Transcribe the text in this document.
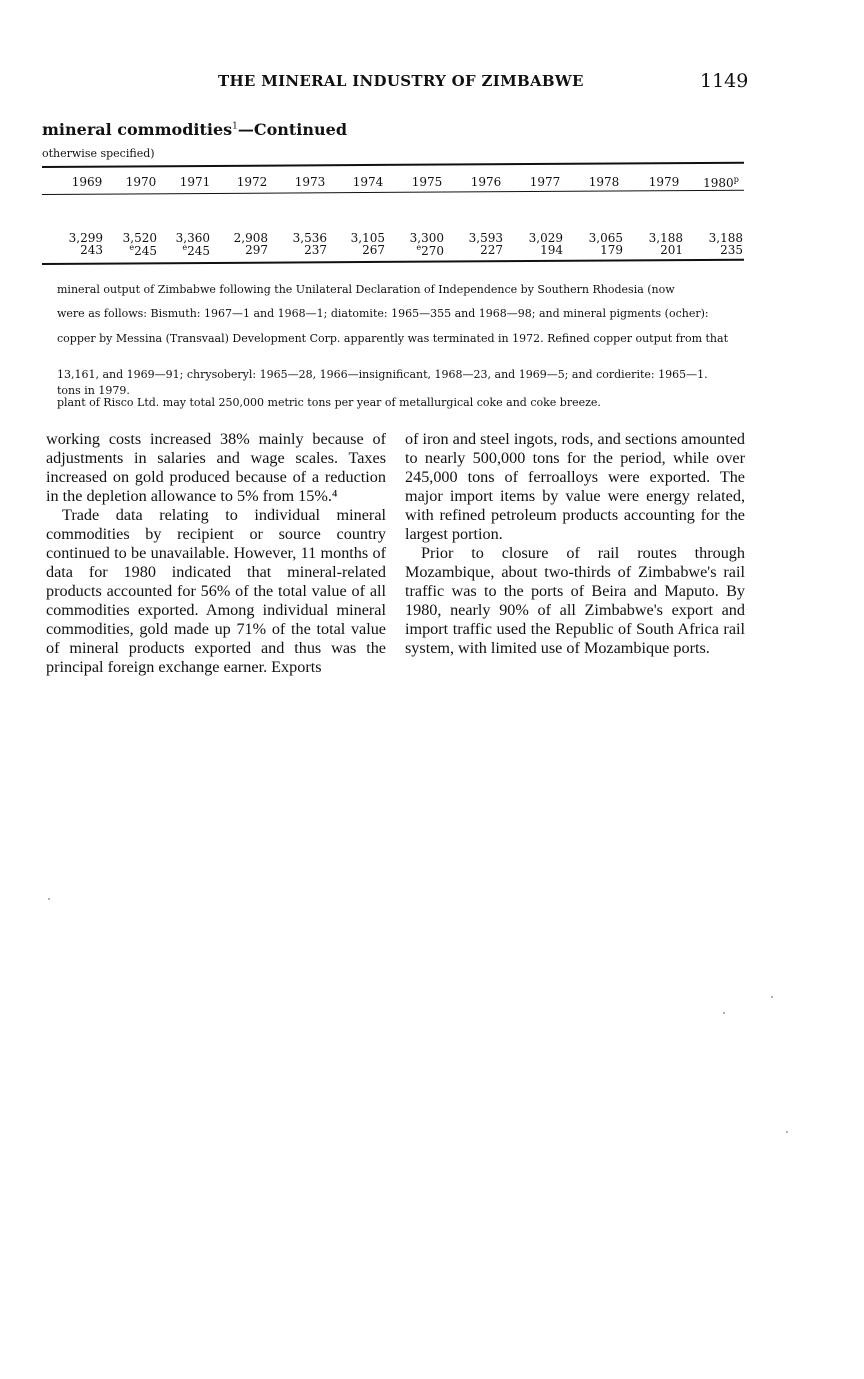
THE MINERAL INDUSTRY OF ZIMBABWE	1149
mineral commodities$^1$—Continued
otherwise specified)
1969	1970	1971	1972	1973	1974	1975	1976	1977	1978	1979	1980$^p$
3,299	3,520	3,360	2,908	3,536	3,105	3,300	3,593	3,029	3,065	3,188	3,188
243	$^e$245	$^e$245	297	237	267	$^e$270	227	194	179	201	235
mineral output of Zimbabwe following the Unilateral Declaration of Independence by Southern Rhodesia (now
were as follows: Bismuth: 1967—1 and 1968—1; diatomite: 1965—355 and 1968—98; and mineral pigments (ocher):
copper by Messina (Transvaal) Development Corp. apparently was terminated in 1972. Refined copper output from that
13,161, and 1969—91; chrysoberyl: 1965—28, 1966—insignificant, 1968—23, and 1969—5; and cordierite: 1965—1.
tons in 1979.
plant of Risco Ltd. may total 250,000 metric tons per year of metallurgical coke and coke breeze.

working costs increased 38% mainly because of adjustments in salaries and wage scales. Taxes increased on gold produced because of a reduction in the depletion allowance to 5% from 15%.⁴

Trade data relating to individual mineral commodities by recipient or source country continued to be unavailable. However, 11 months of data for 1980 indicated that mineral-related products accounted for 56% of the total value of all commodities exported. Among individual mineral commodities, gold made up 71% of the total value of mineral products exported and thus was the principal foreign exchange earner. Exports

of iron and steel ingots, rods, and sections amounted to nearly 500,000 tons for the period, while over 245,000 tons of ferroalloys were exported. The major import items by value were energy related, with refined petroleum products accounting for the largest portion.

Prior to closure of rail routes through Mozambique, about two-thirds of Zimbabwe's rail traffic was to the ports of Beira and Maputo. By 1980, nearly 90% of all Zimbabwe's export and import traffic used the Republic of South Africa rail system, with limited use of Mozambique ports.
